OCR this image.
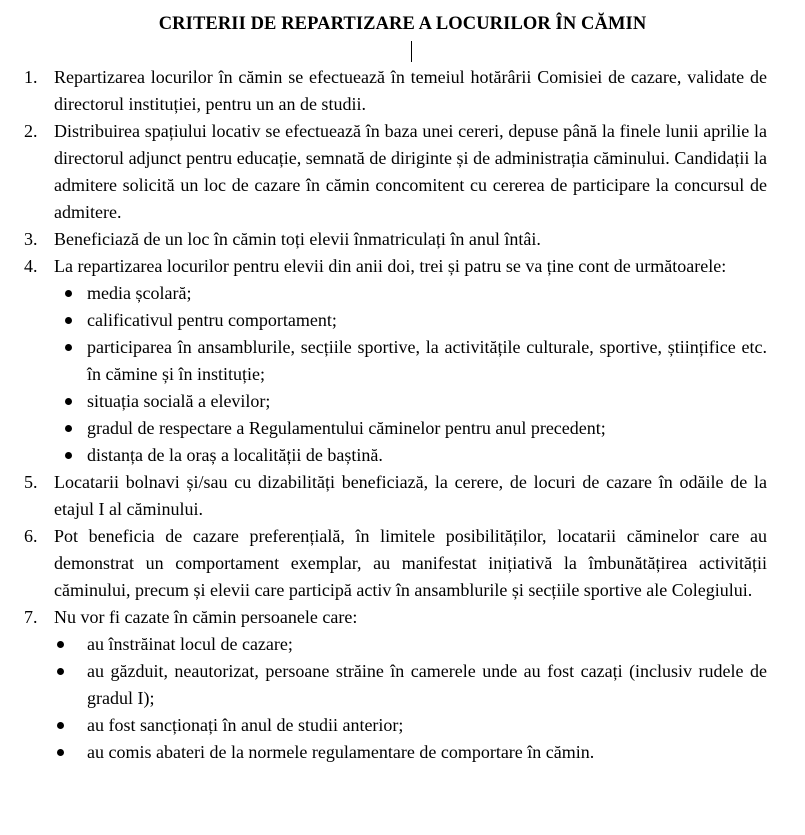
CRITERII DE REPARTIZARE A LOCURILOR ÎN CĂMIN
1. Repartizarea locurilor în cămin se efectuează în temeiul hotărârii Comisiei de cazare, validate de directorul instituției, pentru un an de studii.
2. Distribuirea spațiului locativ se efectuează în baza unei cereri, depuse până la finele lunii aprilie la directorul adjunct pentru educație, semnată de diriginte și de administrația căminului. Candidații la admitere solicită un loc de cazare în cămin concomitent cu cererea de participare la concursul de admitere.
3. Beneficiază de un loc în cămin toți elevii înmatriculați în anul întâi.
4. La repartizarea locurilor pentru elevii din anii doi, trei și patru se va ține cont de următoarele:
media școlară;
calificativul pentru comportament;
participarea în ansamblurile, secțiile sportive, la activitățile culturale, sportive, științifice etc. în cămine și în instituție;
situația socială a elevilor;
gradul de respectare a Regulamentului căminelor pentru anul precedent;
distanța de la oraș a localității de baștină.
5. Locatarii bolnavi și/sau cu dizabilități beneficiază, la cerere, de locuri de cazare în odăile de la etajul I al căminului.
6. Pot beneficia de cazare preferențială, în limitele posibilităților, locatarii căminelor care au demonstrat un comportament exemplar, au manifestat inițiativă la îmbunătățirea activității căminului, precum și elevii care participă activ în ansamblurile și secțiile sportive ale Colegiului.
7. Nu vor fi cazate în cămin persoanele care:
au înstrăinat locul de cazare;
au găzduit, neautorizat, persoane străine în camerele unde au fost cazați (inclusiv rudele de gradul I);
au fost sancționați în anul de studii anterior;
au comis abateri de la normele regulamentare de comportare în cămin.
